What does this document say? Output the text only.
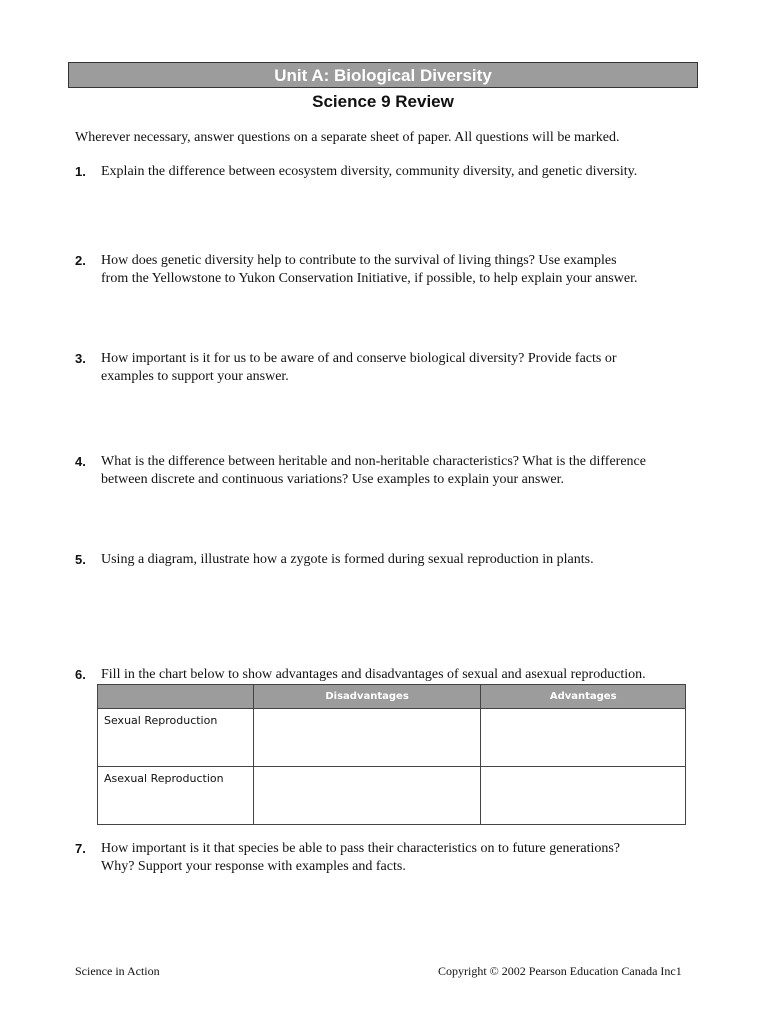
Unit A: Biological Diversity
Science 9 Review
Wherever necessary, answer questions on a separate sheet of paper. All questions will be marked.
1. Explain the difference between ecosystem diversity, community diversity, and genetic diversity.
2. How does genetic diversity help to contribute to the survival of living things? Use examples
from the Yellowstone to Yukon Conservation Initiative, if possible, to help explain your answer.
3. How important is it for us to be aware of and conserve biological diversity? Provide facts or
examples to support your answer.
4. What is the difference between heritable and non-heritable characteristics? What is the difference
between discrete and continuous variations? Use examples to explain your answer.
5. Using a diagram, illustrate how a zygote is formed during sexual reproduction in plants.
6. Fill in the chart below to show advantages and disadvantages of sexual and asexual reproduction.
	Disadvantages	Advantages
Sexual Reproduction		
Asexual Reproduction		
7. How important is it that species be able to pass their characteristics on to future generations?
Why? Support your response with examples and facts.
Science in Action	Copyright © 2002 Pearson Education Canada Inc1
